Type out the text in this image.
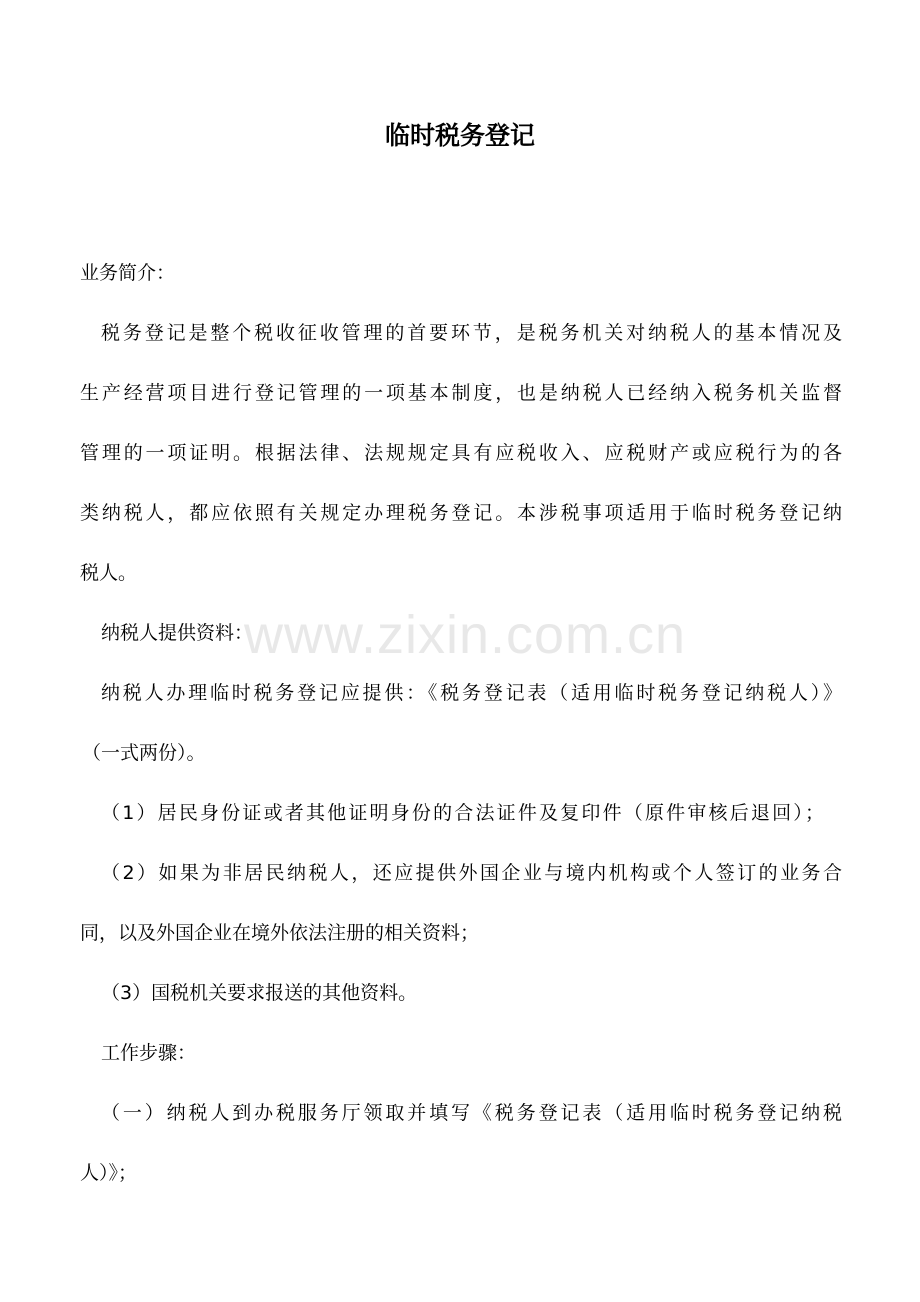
临时税务登记
www.zixin.com.cn
业务简介：
税务登记是整个税收征收管理的首要环节，是税务机关对纳税人的基本情况及
生产经营项目进行登记管理的一项基本制度，也是纳税人已经纳入税务机关监督
管理的一项证明。根据法律、法规规定具有应税收入、应税财产或应税行为的各
类纳税人，都应依照有关规定办理税务登记。本涉税事项适用于临时税务登记纳
税人。
纳税人提供资料：
纳税人办理临时税务登记应提供：《税务登记表（适用临时税务登记纳税人）》
（一式两份）。
（1）居民身份证或者其他证明身份的合法证件及复印件（原件审核后退回）；
（2）如果为非居民纳税人，还应提供外国企业与境内机构或个人签订的业务合
同，以及外国企业在境外依法注册的相关资料；
（3）国税机关要求报送的其他资料。
工作步骤：
（一）纳税人到办税服务厅领取并填写《税务登记表（适用临时税务登记纳税
人）》；
